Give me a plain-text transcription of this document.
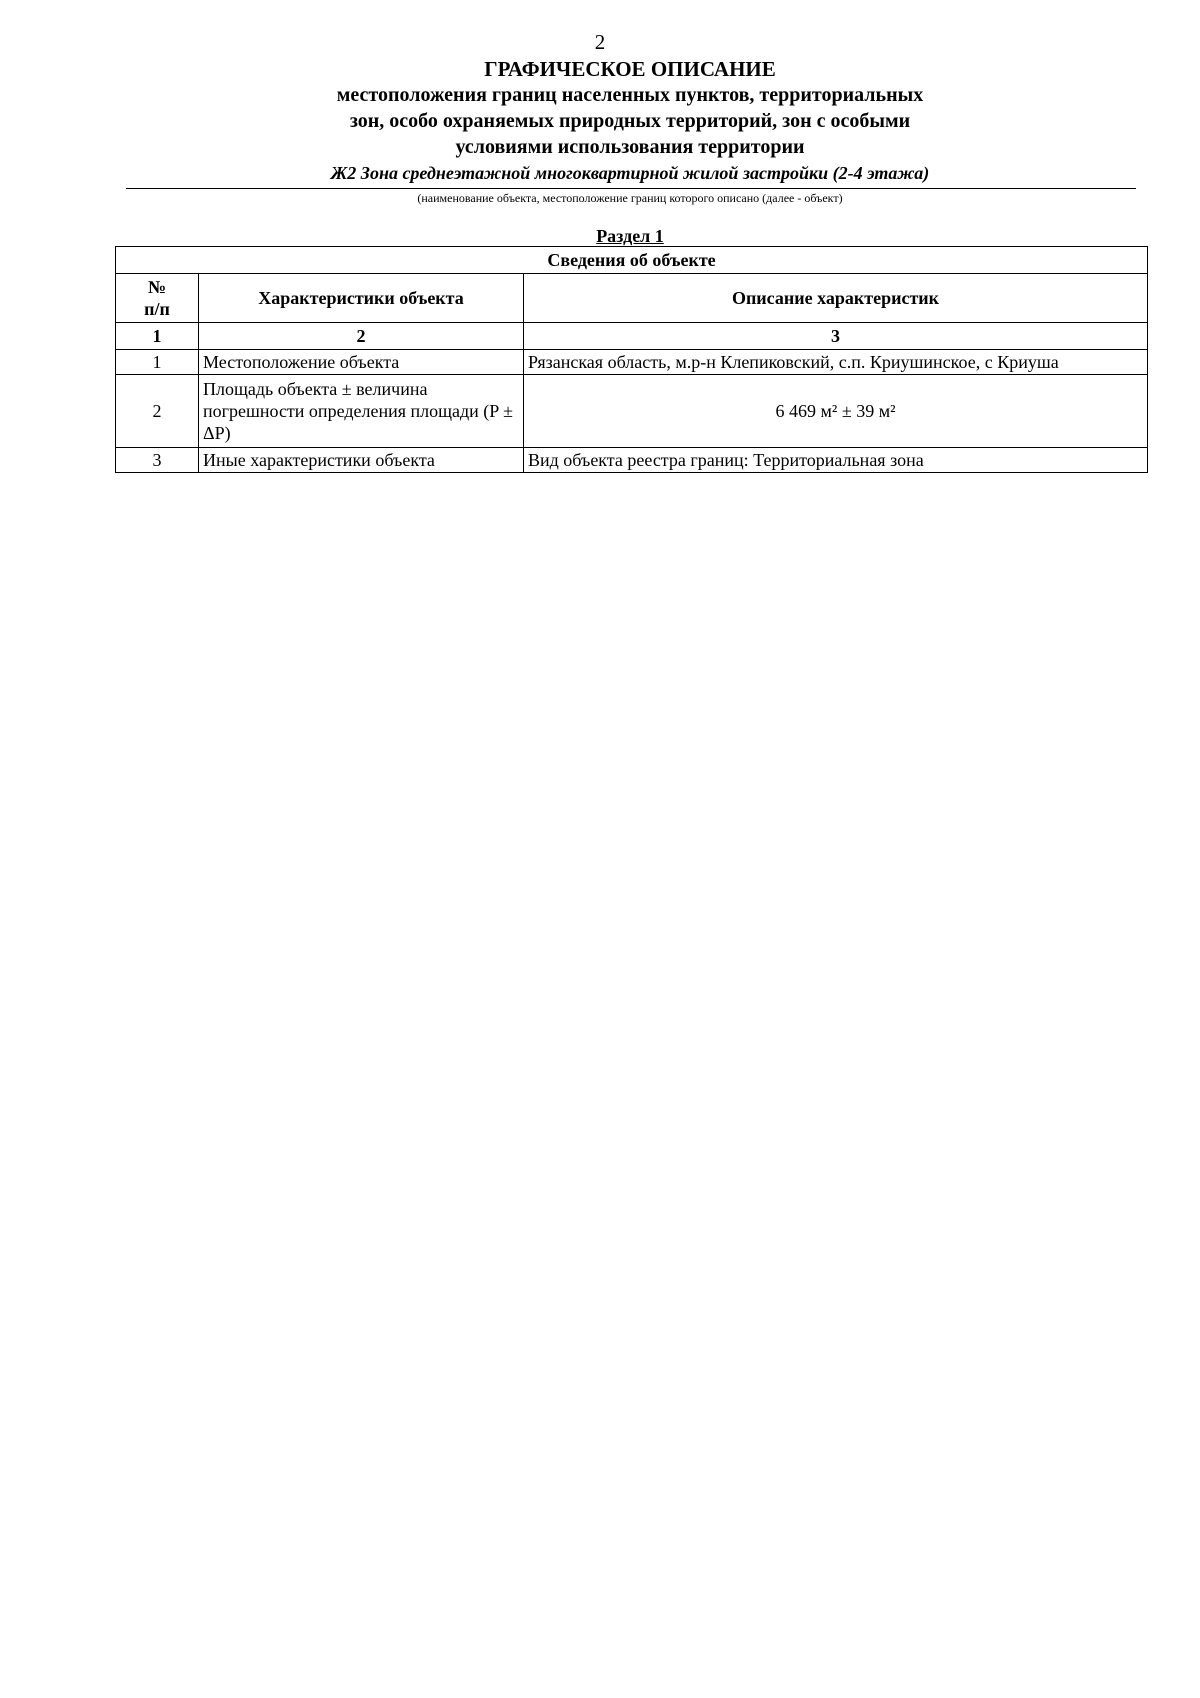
2
ГРАФИЧЕСКОЕ ОПИСАНИЕ
местоположения границ населенных пунктов, территориальных
зон, особо охраняемых природных территорий, зон с особыми
условиями использования территории
Ж2 Зона среднеэтажной многоквартирной жилой застройки (2-4 этажа)
(наименование объекта, местоположение границ которого описано (далее - объект)
Раздел 1
Сведения об объекте		
№
п/п	Характеристики объекта	Описание характеристик
1	2	3
1	Местоположение объекта	Рязанская область, м.р-н Клепиковский, с.п. Криушинское, с Криуша
2	Площадь объекта ± величина погрешности определения площади (P ± ΔP)	6 469 м² ± 39 м²
3	Иные характеристики объекта	Вид объекта реестра границ: Территориальная зона
